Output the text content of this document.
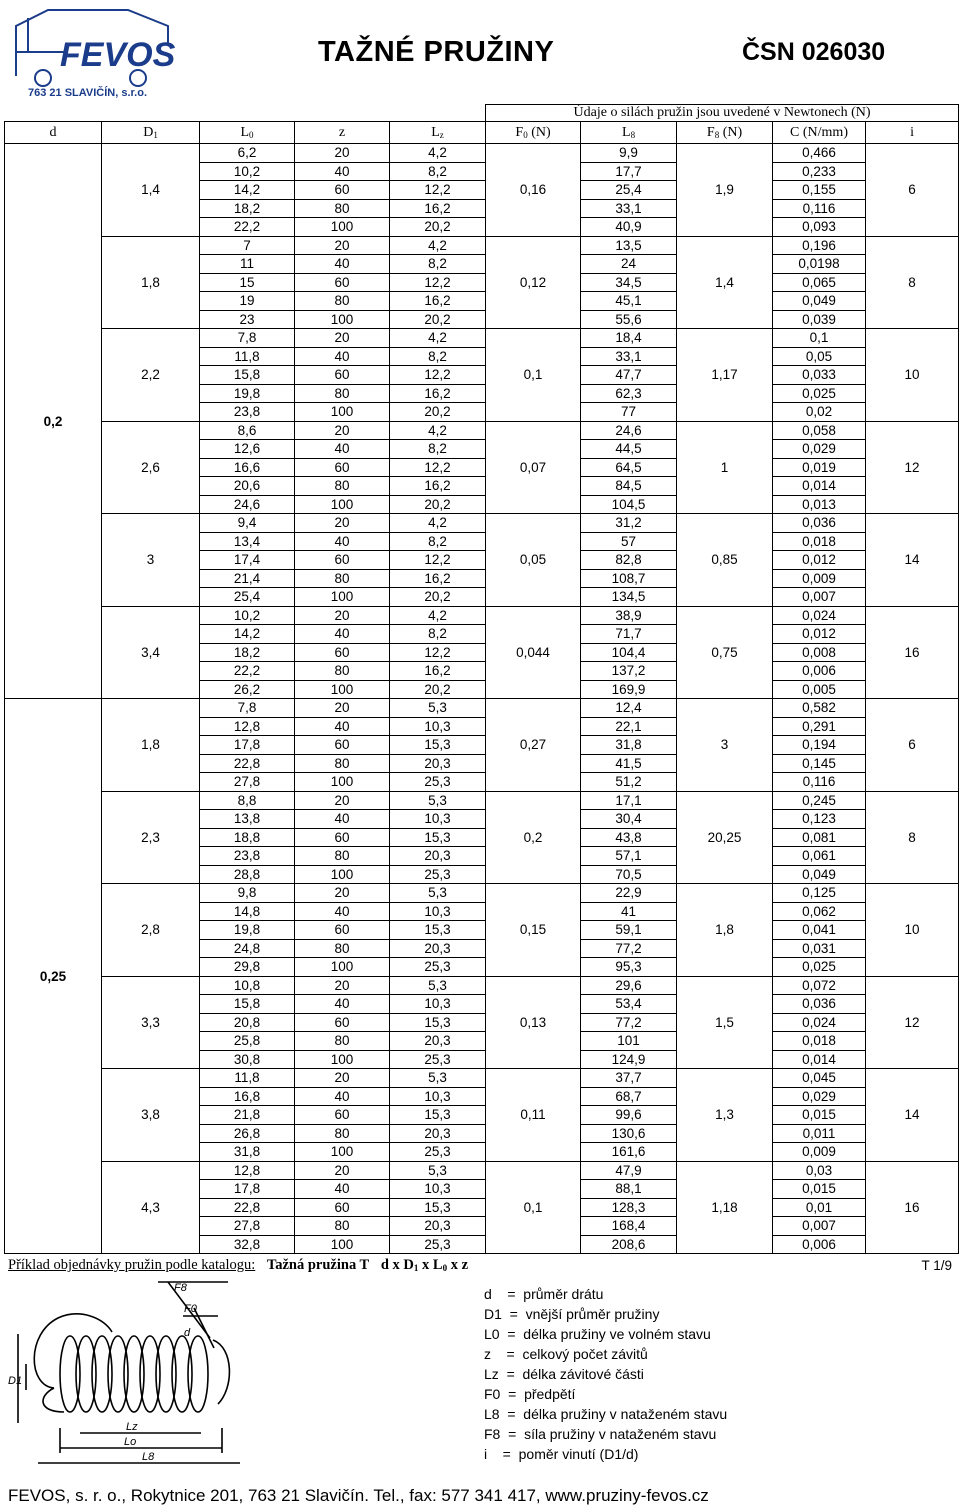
FEVOS
763 21 SLAVIČÍN, s.r.o.
TAŽNÉ PRUŽINY	ČSN 026030
					Údaje o silách pružin jsou uvedené v Newtonech (N)				
d	$D_1$	$L_0$	z	$L_z$	$F_0$ (N)	$L_8$	$F_8$ (N)	C (N/mm)	i
0,2	1,4	6,2	20	4,2	0,16	9,9	1,9	0,466	6
		10,2	40	8,2		17,7		0,233	
		14,2	60	12,2		25,4		0,155	
		18,2	80	16,2		33,1		0,116	
		22,2	100	20,2		40,9		0,093	
	1,8	7	20	4,2	0,12	13,5	1,4	0,196	8
		11	40	8,2		24		0,0198	
		15	60	12,2		34,5		0,065	
		19	80	16,2		45,1		0,049	
		23	100	20,2		55,6		0,039	
	2,2	7,8	20	4,2	0,1	18,4	1,17	0,1	10
		11,8	40	8,2		33,1		0,05	
		15,8	60	12,2		47,7		0,033	
		19,8	80	16,2		62,3		0,025	
		23,8	100	20,2		77		0,02	
	2,6	8,6	20	4,2	0,07	24,6	1	0,058	12
		12,6	40	8,2		44,5		0,029	
		16,6	60	12,2		64,5		0,019	
		20,6	80	16,2		84,5		0,014	
		24,6	100	20,2		104,5		0,013	
	3	9,4	20	4,2	0,05	31,2	0,85	0,036	14
		13,4	40	8,2		57		0,018	
		17,4	60	12,2		82,8		0,012	
		21,4	80	16,2		108,7		0,009	
		25,4	100	20,2		134,5		0,007	
	3,4	10,2	20	4,2	0,044	38,9	0,75	0,024	16
		14,2	40	8,2		71,7		0,012	
		18,2	60	12,2		104,4		0,008	
		22,2	80	16,2		137,2		0,006	
		26,2	100	20,2		169,9		0,005	
0,25	1,8	7,8	20	5,3	0,27	12,4	3	0,582	6
		12,8	40	10,3		22,1		0,291	
		17,8	60	15,3		31,8		0,194	
		22,8	80	20,3		41,5		0,145	
		27,8	100	25,3		51,2		0,116	
	2,3	8,8	20	5,3	0,2	17,1	20,25	0,245	8
		13,8	40	10,3		30,4		0,123	
		18,8	60	15,3		43,8		0,081	
		23,8	80	20,3		57,1		0,061	
		28,8	100	25,3		70,5		0,049	
	2,8	9,8	20	5,3	0,15	22,9	1,8	0,125	10
		14,8	40	10,3		41		0,062	
		19,8	60	15,3		59,1		0,041	
		24,8	80	20,3		77,2		0,031	
		29,8	100	25,3		95,3		0,025	
	3,3	10,8	20	5,3	0,13	29,6	1,5	0,072	12
		15,8	40	10,3		53,4		0,036	
		20,8	60	15,3		77,2		0,024	
		25,8	80	20,3		101		0,018	
		30,8	100	25,3		124,9		0,014	
	3,8	11,8	20	5,3	0,11	37,7	1,3	0,045	14
		16,8	40	10,3		68,7		0,029	
		21,8	60	15,3		99,6		0,015	
		26,8	80	20,3		130,6		0,011	
		31,8	100	25,3		161,6		0,009	
	4,3	12,8	20	5,3	0,1	47,9	1,18	0,03	16
		17,8	40	10,3		88,1		0,015	
		22,8	60	15,3		128,3		0,01	
		27,8	80	20,3		168,4		0,007	
		32,8	100	25,3		208,6		0,006	
Příklad objednávky pružin podle katalogu: Tažná pružina T d x $D_1$ x $L_0$ x z	T 1/9
F8
F0
d
D1
Lz
Lo
L8
d    =  průměr drátu
D1  =  vnější průměr pružiny
L0  =  délka pružiny ve volném stavu
z    =  celkový počet závitů
Lz  =  délka závitové části
F0  =  předpětí
L8  =  délka pružiny v nataženém stavu
F8  =  síla pružiny v nataženém stavu
i    =  poměr vinutí (D1/d)
FEVOS, s. r. o., Rokytnice 201, 763 21 Slavičín. Tel., fax: 577 341 417, www.pruziny-fevos.cz
